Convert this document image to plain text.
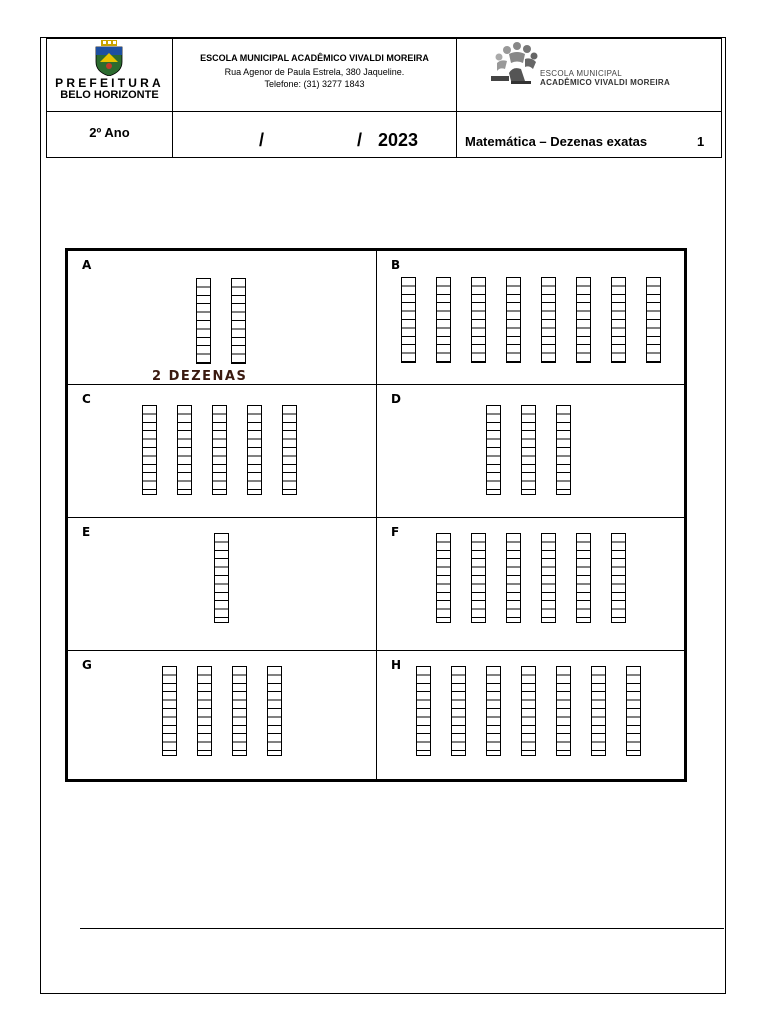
PREFEITURA
BELO HORIZONTE
ESCOLA MUNICIPAL ACADÊMICO VIVALDI MOREIRA
Rua Agenor de Paula Estrela, 380 Jaqueline.
Telefone: (31) 3277 1843
ESCOLA MUNICIPAL
ACADÊMICO VIVALDI MOREIRA
2º Ano	/	/ 2023	Matemática – Dezenas exatas	1
A
2 DEZENAS
B
C	D
E	F
G	H
